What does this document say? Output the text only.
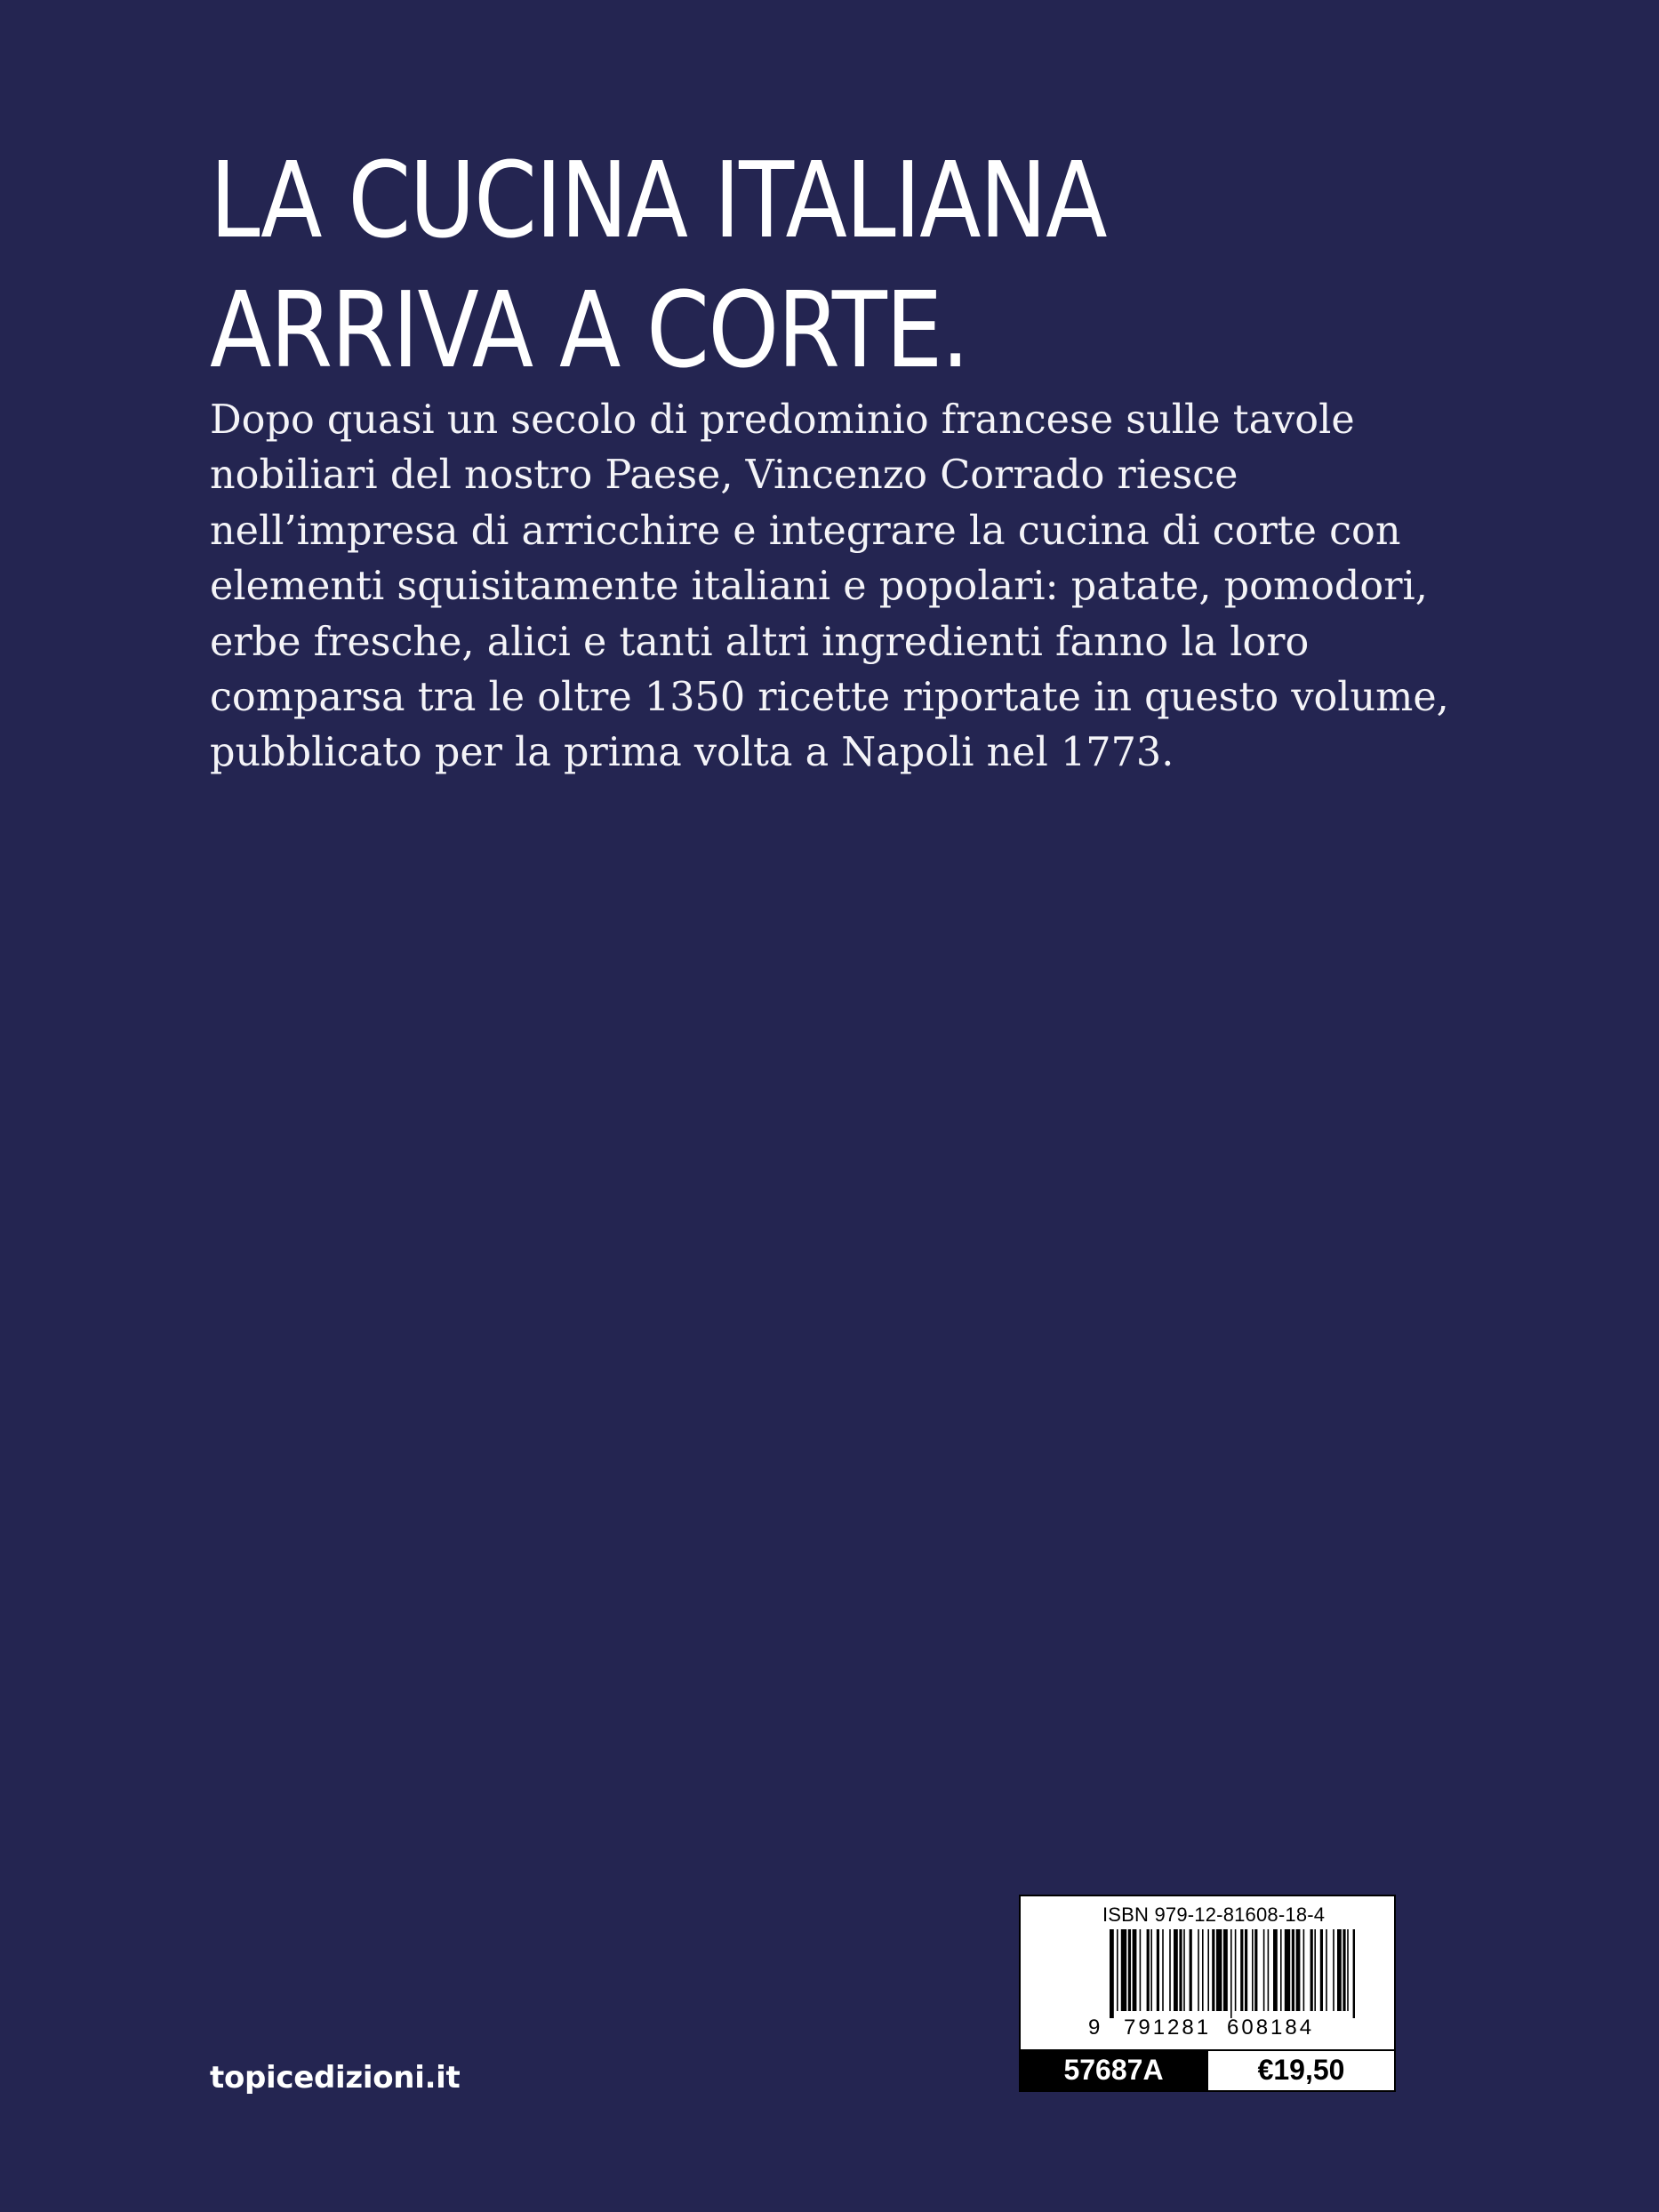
LA CUCINA ITALIANA
ARRIVA A CORTE.

Dopo quasi un secolo di predominio francese sulle tavole
nobiliari del nostro Paese, Vincenzo Corrado riesce
nell’impresa di arricchire e integrare la cucina di corte con
elementi squisitamente italiani e popolari: patate, pomodori,
erbe fresche, alici e tanti altri ingredienti fanno la loro
comparsa tra le oltre 1350 ricette riportate in questo volume,
pubblicato per la prima volta a Napoli nel 1773.

topicedizioni.it
ISBN 979-12-81608-18-4
9 791281 608184
57687A	€19,50
